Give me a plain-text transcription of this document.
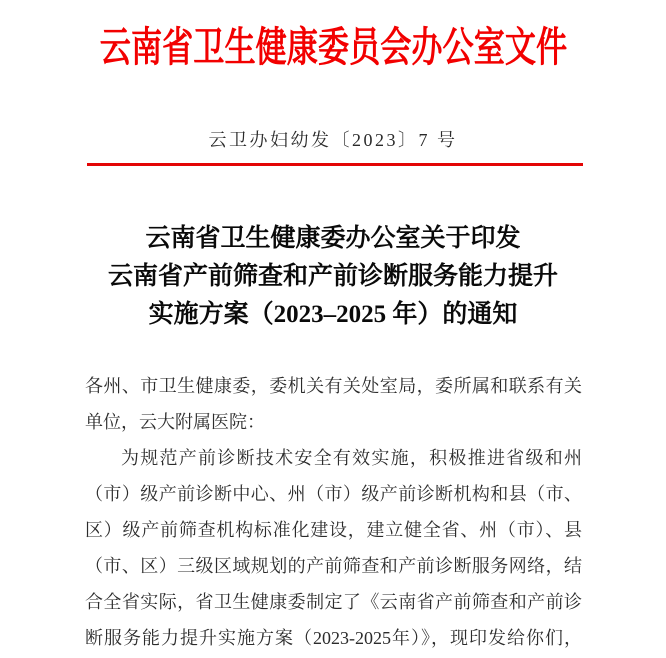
云南省卫生健康委员会办公室文件
云卫办妇幼发〔2023〕7 号
云南省卫生健康委办公室关于印发
云南省产前筛查和产前诊断服务能力提升
实施方案（2023–2025 年）的通知
各州、市卫生健康委，委机关有关处室局，委所属和联系有关
单位，云大附属医院：
为规范产前诊断技术安全有效实施，积极推进省级和州
（市）级产前诊断中心、州（市）级产前诊断机构和县（市、
区）级产前筛查机构标准化建设，建立健全省、州（市）、县
（市、区）三级区域规划的产前筛查和产前诊断服务网络，结
合全省实际，省卫生健康委制定了《云南省产前筛查和产前诊
断服务能力提升实施方案（2023-2025年）》，现印发给你们，
